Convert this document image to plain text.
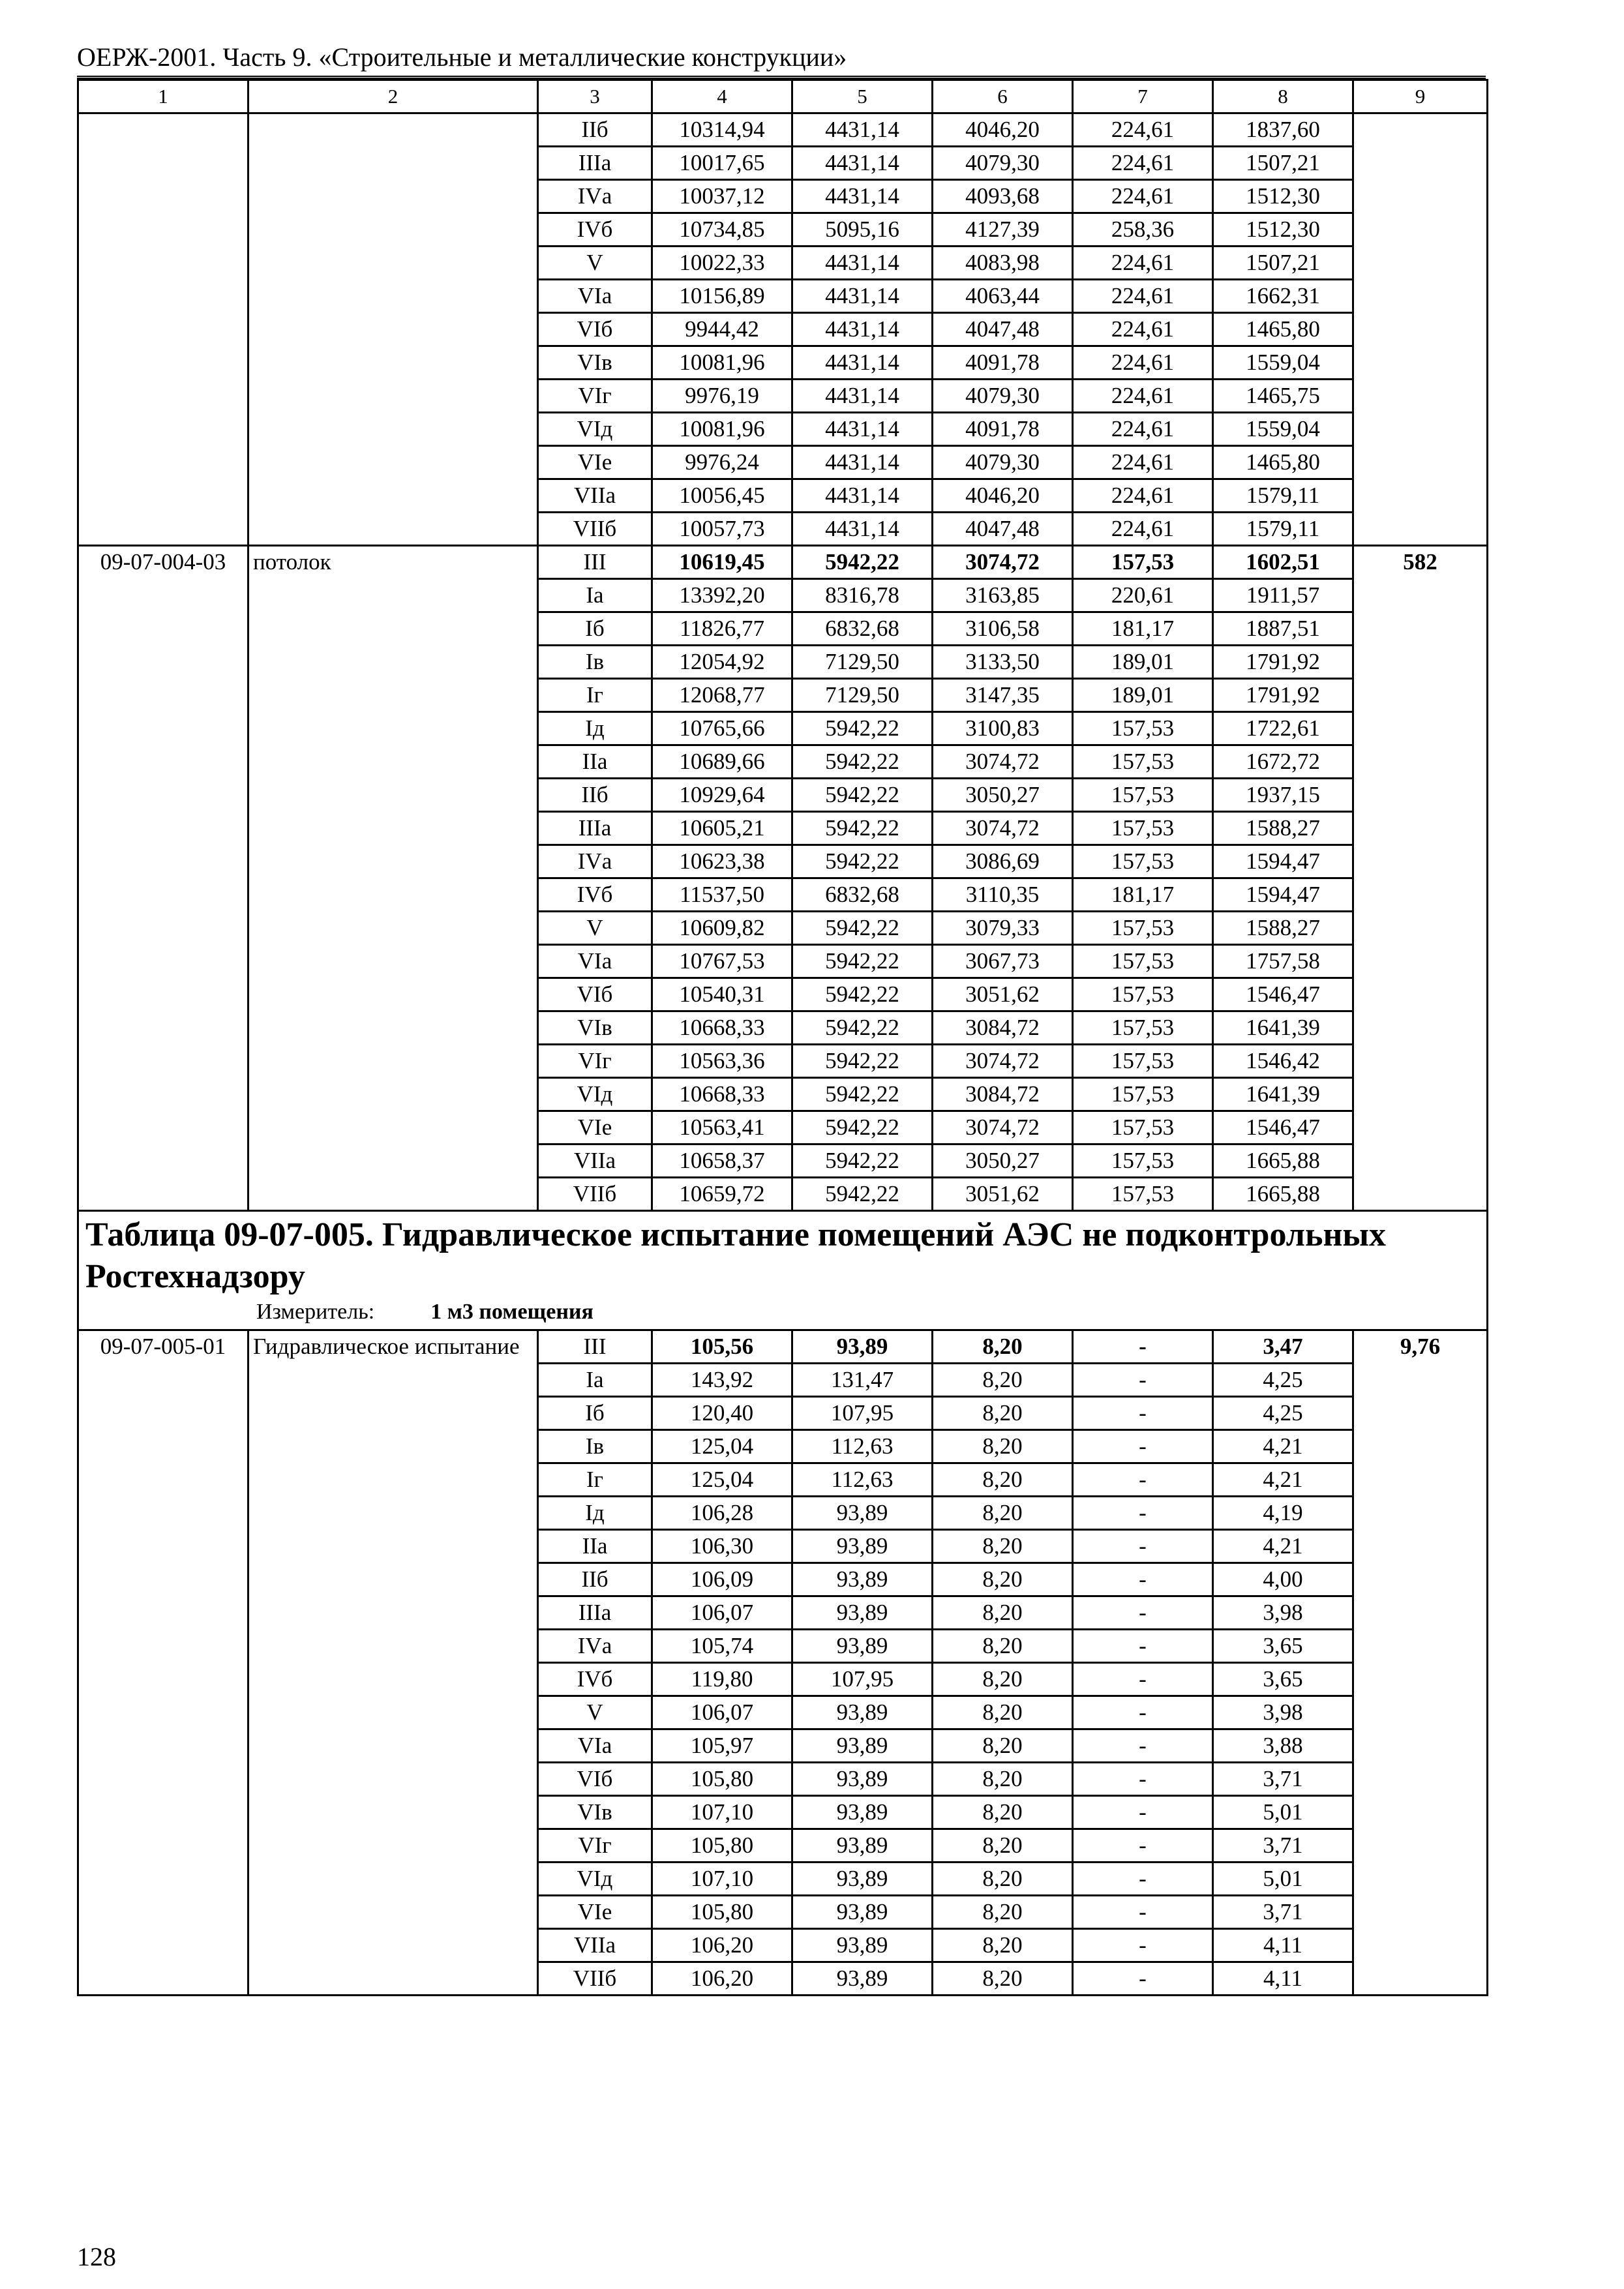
ОЕРЖ-2001. Часть 9. «Строительные и металлические конструкции»
1	2	3	4	5	6	7	8	9
		IIб	10314,94	4431,14	4046,20	224,61	1837,60	
		IIIа	10017,65	4431,14	4079,30	224,61	1507,21	
		IVа	10037,12	4431,14	4093,68	224,61	1512,30	
		IVб	10734,85	5095,16	4127,39	258,36	1512,30	
		V	10022,33	4431,14	4083,98	224,61	1507,21	
		VIа	10156,89	4431,14	4063,44	224,61	1662,31	
		VIб	9944,42	4431,14	4047,48	224,61	1465,80	
		VIв	10081,96	4431,14	4091,78	224,61	1559,04	
		VIг	9976,19	4431,14	4079,30	224,61	1465,75	
		VIд	10081,96	4431,14	4091,78	224,61	1559,04	
		VIе	9976,24	4431,14	4079,30	224,61	1465,80	
		VIIа	10056,45	4431,14	4046,20	224,61	1579,11	
		VIIб	10057,73	4431,14	4047,48	224,61	1579,11	
09-07-004-03	потолок	III	10619,45	5942,22	3074,72	157,53	1602,51	582
		Iа	13392,20	8316,78	3163,85	220,61	1911,57	
		Iб	11826,77	6832,68	3106,58	181,17	1887,51	
		Iв	12054,92	7129,50	3133,50	189,01	1791,92	
		Iг	12068,77	7129,50	3147,35	189,01	1791,92	
		Iд	10765,66	5942,22	3100,83	157,53	1722,61	
		IIа	10689,66	5942,22	3074,72	157,53	1672,72	
		IIб	10929,64	5942,22	3050,27	157,53	1937,15	
		IIIа	10605,21	5942,22	3074,72	157,53	1588,27	
		IVа	10623,38	5942,22	3086,69	157,53	1594,47	
		IVб	11537,50	6832,68	3110,35	181,17	1594,47	
		V	10609,82	5942,22	3079,33	157,53	1588,27	
		VIа	10767,53	5942,22	3067,73	157,53	1757,58	
		VIб	10540,31	5942,22	3051,62	157,53	1546,47	
		VIв	10668,33	5942,22	3084,72	157,53	1641,39	
		VIг	10563,36	5942,22	3074,72	157,53	1546,42	
		VIд	10668,33	5942,22	3084,72	157,53	1641,39	
		VIе	10563,41	5942,22	3074,72	157,53	1546,47	
		VIIа	10658,37	5942,22	3050,27	157,53	1665,88	
		VIIб	10659,72	5942,22	3051,62	157,53	1665,88	

Таблица 09-07-005. Гидравлическое испытание помещений АЭС не подконтрольных Ростехнадзору
Измеритель: 1 м3 помещения								

09-07-005-01	Гидравлическое испытание	III	105,56	93,89	8,20	-	3,47	9,76
		Iа	143,92	131,47	8,20	-	4,25	
		Iб	120,40	107,95	8,20	-	4,25	
		Iв	125,04	112,63	8,20	-	4,21	
		Iг	125,04	112,63	8,20	-	4,21	
		Iд	106,28	93,89	8,20	-	4,19	
		IIа	106,30	93,89	8,20	-	4,21	
		IIб	106,09	93,89	8,20	-	4,00	
		IIIа	106,07	93,89	8,20	-	3,98	
		IVа	105,74	93,89	8,20	-	3,65	
		IVб	119,80	107,95	8,20	-	3,65	
		V	106,07	93,89	8,20	-	3,98	
		VIа	105,97	93,89	8,20	-	3,88	
		VIб	105,80	93,89	8,20	-	3,71	
		VIв	107,10	93,89	8,20	-	5,01	
		VIг	105,80	93,89	8,20	-	3,71	
		VIд	107,10	93,89	8,20	-	5,01	
		VIе	105,80	93,89	8,20	-	3,71	
		VIIа	106,20	93,89	8,20	-	4,11	
		VIIб	106,20	93,89	8,20	-	4,11	
128
